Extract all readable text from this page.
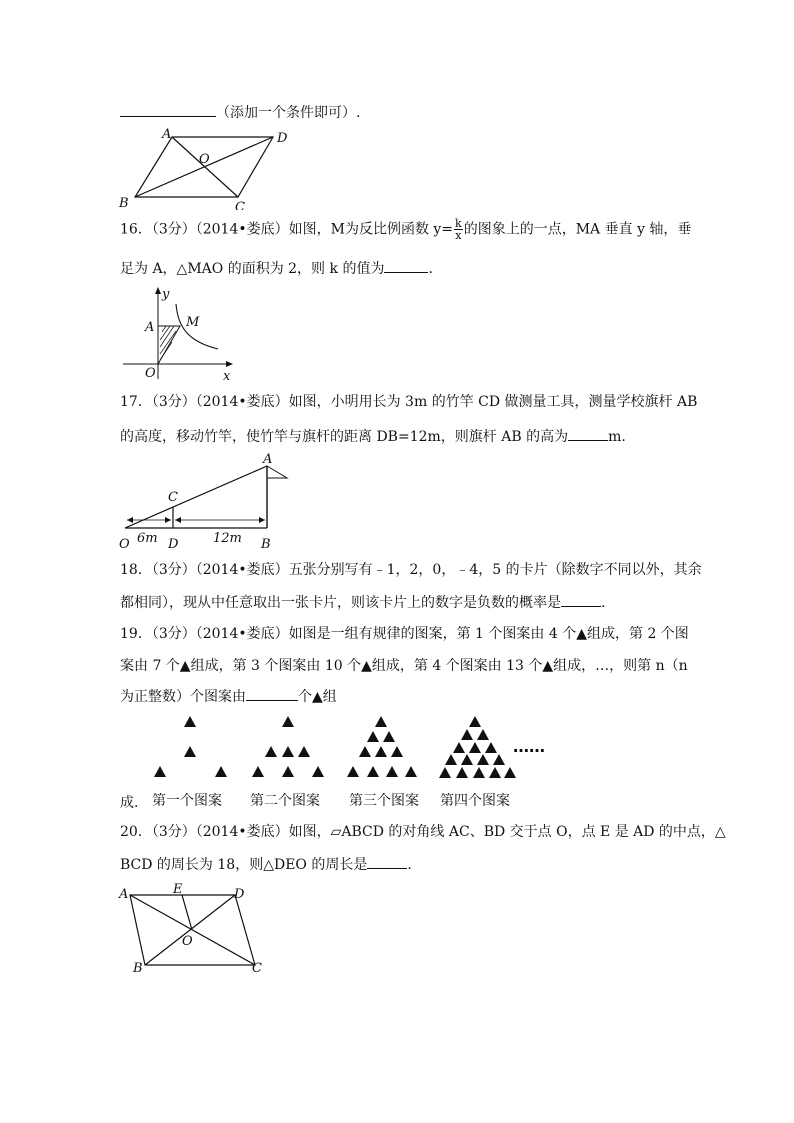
（添加一个条件即可）.
A	D
O
B	C
16．（3分）（2014•娄底）如图，M为反比例函数 $y= \frac{k}{x}$ 的图象上的一点，MA 垂直 y 轴，垂
足为 A，△MAO 的面积为 2，则 k 的值为	.
y
A M
O	x
17．（3分）（2014•娄底）如图，小明用长为 3m 的竹竿 CD 做测量工具，测量学校旗杆 AB
的高度，移动竹竿，使竹竿与旗杆的距离 DB=12m，则旗杆 AB 的高为	m.
A
C
6m	12m
O	D	B
18．（3分）（2014•娄底）五张分别写有﹣1，2，0，﹣4，5 的卡片（除数字不同以外，其余
都相同），现从中任意取出一张卡片，则该卡片上的数字是负数的概率是	.
19．（3分）（2014•娄底）如图是一组有规律的图案，第 1 个图案由 4 个▲组成，第 2 个图
案由 7 个▲组成，第 3 个图案由 10 个▲组成，第 4 个图案由 13 个▲组成，…，则第 n（n
为正整数）个图案由	个▲组
……
成. 第一个图案 第二个图案 第三个图案 第四个图案
20．（3分）（2014•娄底）如图，▱ABCD 的对角线 AC、BD 交于点 O，点 E 是 AD 的中点，△
BCD 的周长为 18，则△DEO 的周长是	.
A	E	D
O
B	C
